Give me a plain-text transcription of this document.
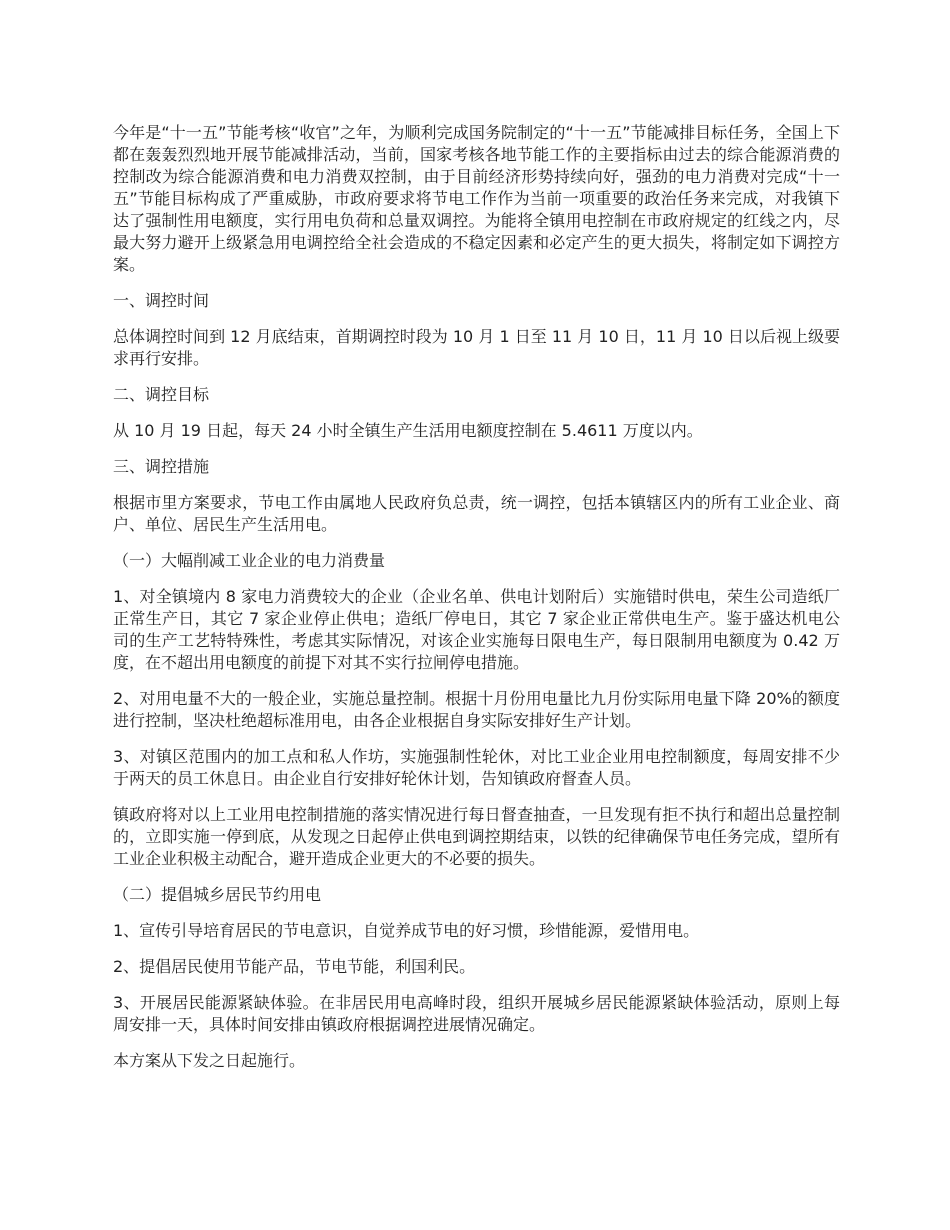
今年是“十一五”节能考核“收官”之年，为顺利完成国务院制定的“十一五”节能减排目标任务，全国上下都在轰轰烈烈地开展节能减排活动，当前，国家考核各地节能工作的主要指标由过去的综合能源消费的控制改为综合能源消费和电力消费双控制，由于目前经济形势持续向好，强劲的电力消费对完成“十一五”节能目标构成了严重威胁，市政府要求将节电工作作为当前一项重要的政治任务来完成，对我镇下达了强制性用电额度，实行用电负荷和总量双调控。为能将全镇用电控制在市政府规定的红线之内，尽最大努力避开上级紧急用电调控给全社会造成的不稳定因素和必定产生的更大损失，将制定如下调控方案。

一、调控时间

总体调控时间到 12 月底结束，首期调控时段为 10 月 1 日至 11 月 10 日，11 月 10 日以后视上级要求再行安排。

二、调控目标

从 10 月 19 日起，每天 24 小时全镇生产生活用电额度控制在 5.4611 万度以内。

三、调控措施

根据市里方案要求，节电工作由属地人民政府负总责，统一调控，包括本镇辖区内的所有工业企业、商户、单位、居民生产生活用电。

（一）大幅削减工业企业的电力消费量

1、对全镇境内 8 家电力消费较大的企业（企业名单、供电计划附后）实施错时供电，荣生公司造纸厂正常生产日，其它 7 家企业停止供电；造纸厂停电日，其它 7 家企业正常供电生产。鉴于盛达机电公司的生产工艺特特殊性，考虑其实际情况，对该企业实施每日限电生产，每日限制用电额度为 0.42 万度，在不超出用电额度的前提下对其不实行拉闸停电措施。

2、对用电量不大的一般企业，实施总量控制。根据十月份用电量比九月份实际用电量下降 20%的额度进行控制，坚决杜绝超标准用电，由各企业根据自身实际安排好生产计划。

3、对镇区范围内的加工点和私人作坊，实施强制性轮休，对比工业企业用电控制额度，每周安排不少于两天的员工休息日。由企业自行安排好轮休计划，告知镇政府督查人员。

镇政府将对以上工业用电控制措施的落实情况进行每日督查抽查，一旦发现有拒不执行和超出总量控制的，立即实施一停到底，从发现之日起停止供电到调控期结束，以铁的纪律确保节电任务完成，望所有工业企业积极主动配合，避开造成企业更大的不必要的损失。

（二）提倡城乡居民节约用电

1、宣传引导培育居民的节电意识，自觉养成节电的好习惯，珍惜能源，爱惜用电。

2、提倡居民使用节能产品，节电节能，利国利民。

3、开展居民能源紧缺体验。在非居民用电高峰时段，组织开展城乡居民能源紧缺体验活动，原则上每周安排一天，具体时间安排由镇政府根据调控进展情况确定。

本方案从下发之日起施行。
